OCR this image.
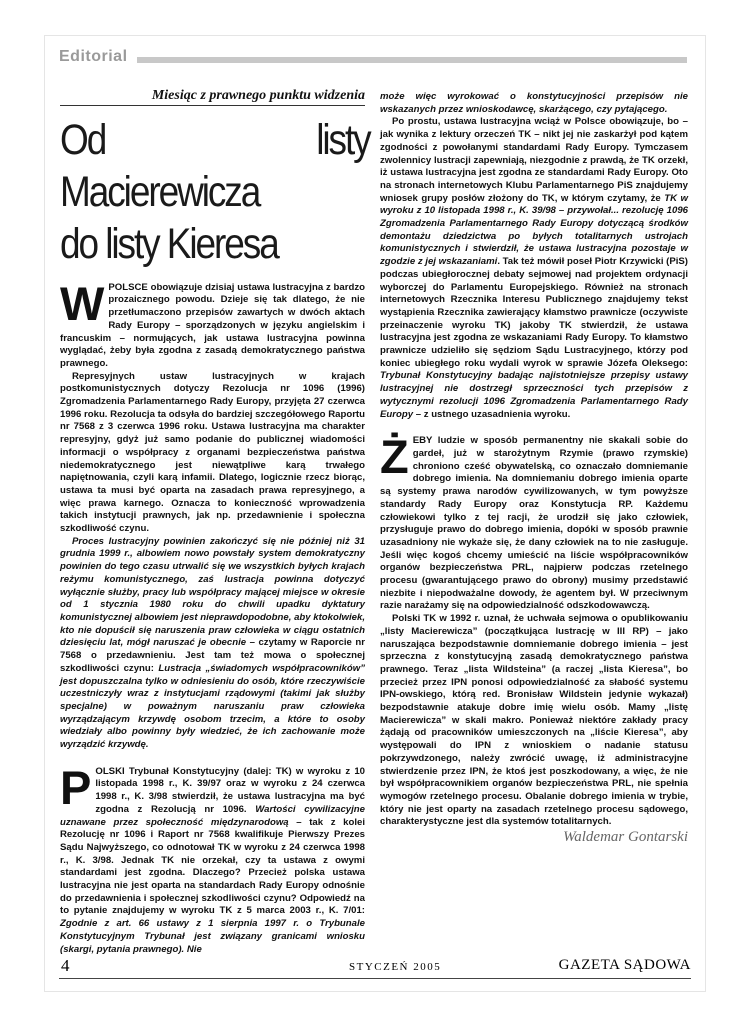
Editorial
Miesiąc z prawnego punktu widzenia
Od listy Macierewicza
do listy Kieresa

WPOLSCE obowiązuje dzisiaj ustawa lustracyjna z bardzo prozaicznego powodu. Dzieje się tak dlatego, że nie przetłumaczono przepisów zawartych w dwóch aktach Rady Europy – sporządzonych w języku angielskim i francuskim – normujących, jak ustawa lustracyjna powinna wyglądać, żeby była zgodna z zasadą demokratycznego państwa prawnego.

Represyjnych ustaw lustracyjnych w krajach postkomunistycznych dotyczy Rezolucja nr 1096 (1996) Zgromadzenia Parlamentarnego Rady Europy, przyjęta 27 czerwca 1996 roku. Rezolucja ta odsyła do bardziej szczegółowego Raportu nr 7568 z 3 czerwca 1996 roku. Ustawa lustracyjna ma charakter represyjny, gdyż już samo podanie do publicznej wiadomości informacji o współpracy z organami bezpieczeństwa państwa niedemokratycznego jest niewątpliwe karą trwałego napiętnowania, czyli karą infamii. Dlatego, logicznie rzecz biorąc, ustawa ta musi być oparta na zasadach prawa represyjnego, a więc prawa karnego. Oznacza to konieczność wprowadzenia takich instytucji prawnych, jak np. przedawnienie i społeczna szkodliwość czynu.

Proces lustracyjny powinien zakończyć się nie później niż 31 grudnia 1999 r., albowiem nowo powstały system demokratyczny powinien do tego czasu utrwalić się we wszystkich byłych krajach reżymu komunistycznego, zaś lustracja powinna dotyczyć wyłącznie służby, pracy lub współpracy mającej miejsce w okresie od 1 stycznia 1980 roku do chwili upadku dyktatury komunistycznej albowiem jest nieprawdopodobne, aby ktokolwiek, kto nie dopuścił się naruszenia praw człowieka w ciągu ostatnich dziesięciu lat, mógł naruszać je obecnie – czytamy w Raporcie nr 7568 o przedawnieniu. Jest tam też mowa o społecznej szkodliwości czynu: Lustracja „świadomych współpracowników” jest dopuszczalna tylko w odniesieniu do osób, które rzeczywiście uczestniczyły wraz z instytucjami rządowymi (takimi jak służby specjalne) w poważnym naruszaniu praw człowieka wyrządzającym krzywdę osobom trzecim, a które to osoby wiedziały albo powinny były wiedzieć, że ich zachowanie może wyrządzić krzywdę.

POLSKI Trybunał Konstytucyjny (dalej: TK) w wyroku z 10 listopada 1998 r., K. 39/97 oraz w wyroku z 24 czerwca 1998 r., K. 3/98 stwierdził, że ustawa lustracyjna ma być zgodna z Rezolucją nr 1096. Wartości cywilizacyjne uznawane przez społeczność międzynarodową – tak z kolei Rezolucję nr 1096 i Raport nr 7568 kwalifikuje Pierwszy Prezes Sądu Najwyższego, co odnotował TK w wyroku z 24 czerwca 1998 r., K. 3/98. Jednak TK nie orzekał, czy ta ustawa z owymi standardami jest zgodna. Dlaczego? Przecież polska ustawa lustracyjna nie jest oparta na standardach Rady Europy odnośnie do przedawnienia i społecznej szkodliwości czynu? Odpowiedź na to pytanie znajdujemy w wyroku TK z 5 marca 2003 r., K. 7/01: Zgodnie z art. 66 ustawy z 1 sierpnia 1997 r. o Trybunale Konstytucyjnym Trybunał jest związany granicami wniosku (skargi, pytania prawnego). Nie

może więc wyrokować o konstytucyjności przepisów nie wskazanych przez wnioskodawcę, skarżącego, czy pytającego.

Po prostu, ustawa lustracyjna wciąż w Polsce obowiązuje, bo – jak wynika z lektury orzeczeń TK – nikt jej nie zaskarżył pod kątem zgodności z powołanymi standardami Rady Europy. Tymczasem zwolennicy lustracji zapewniają, niezgodnie z prawdą, że TK orzekł, iż ustawa lustracyjna jest zgodna ze standardami Rady Europy. Oto na stronach internetowych Klubu Parlamentarnego PiS znajdujemy wniosek grupy posłów złożony do TK, w którym czytamy, że TK w wyroku z 10 listopada 1998 r., K. 39/98 – przywołał... rezolucję 1096 Zgromadzenia Parlamentarnego Rady Europy dotyczącą środków demontażu dziedzictwa po byłych totalitarnych ustrojach komunistycznych i stwierdził, że ustawa lustracyjna pozostaje w zgodzie z jej wskazaniami. Tak też mówił poseł Piotr Krzywicki (PiS) podczas ubiegłorocznej debaty sejmowej nad projektem ordynacji wyborczej do Parlamentu Europejskiego. Również na stronach internetowych Rzecznika Interesu Publicznego znajdujemy tekst wystąpienia Rzecznika zawierający kłamstwo prawnicze (oczywiste przeinaczenie wyroku TK) jakoby TK stwierdził, że ustawa lustracyjna jest zgodna ze wskazaniami Rady Europy. To kłamstwo prawnicze udzieliło się sędziom Sądu Lustracyjnego, którzy pod koniec ubiegłego roku wydali wyrok w sprawie Józefa Oleksego: Trybunał Konstytucyjny badając najistotniejsze przepisy ustawy lustracyjnej nie dostrzegł sprzeczności tych przepisów z wytycznymi rezolucji 1096 Zgromadzenia Parlamentarnego Rady Europy – z ustnego uzasadnienia wyroku.

ŻEBY ludzie w sposób permanentny nie skakali sobie do gardeł, już w starożytnym Rzymie (prawo rzymskie) chroniono cześć obywatelską, co oznaczało domniemanie dobrego imienia. Na domniemaniu dobrego imienia oparte są systemy prawa narodów cywilizowanych, w tym powyższe standardy Rady Europy oraz Konstytucja RP. Każdemu człowiekowi tylko z tej racji, że urodził się jako człowiek, przysługuje prawo do dobrego imienia, dopóki w sposób prawnie uzasadniony nie wykaże się, że dany człowiek na to nie zasługuje. Jeśli więc kogoś chcemy umieścić na liście współpracowników organów bezpieczeństwa PRL, najpierw podczas rzetelnego procesu (gwarantującego prawo do obrony) musimy przedstawić niezbite i niepodważalne dowody, że agentem był. W przeciwnym razie narażamy się na odpowiedzialność odszkodowawczą.

Polski TK w 1992 r. uznał, że uchwała sejmowa o opublikowaniu „listy Macierewicza” (początkująca lustrację w III RP) – jako naruszająca bezpodstawnie domniemanie dobrego imienia – jest sprzeczna z konstytucyjną zasadą demokratycznego państwa prawnego. Teraz „lista Wildsteina” (a raczej „lista Kieresa”, bo przecież przez IPN ponosi odpowiedzialność za słabość systemu IPN-owskiego, którą red. Bronisław Wildstein jedynie wykazał) bezpodstawnie atakuje dobre imię wielu osób. Mamy „listę Macierewicza” w skali makro. Ponieważ niektóre zakłady pracy żądają od pracowników umieszczonych na „liście Kieresa”, aby występowali do IPN z wnioskiem o nadanie statusu pokrzywdzonego, należy zwrócić uwagę, iż administracyjne stwierdzenie przez IPN, że ktoś jest poszkodowany, a więc, że nie był współpracownikiem organów bezpieczeństwa PRL, nie spełnia wymogów rzetelnego procesu. Obalanie dobrego imienia w trybie, który nie jest oparty na zasadach rzetelnego procesu sądowego, charakterystyczne jest dla systemów totalitarnych.

Waldemar Gontarski
4	STYCZEŃ 2005	GAZETA SĄDOWA
